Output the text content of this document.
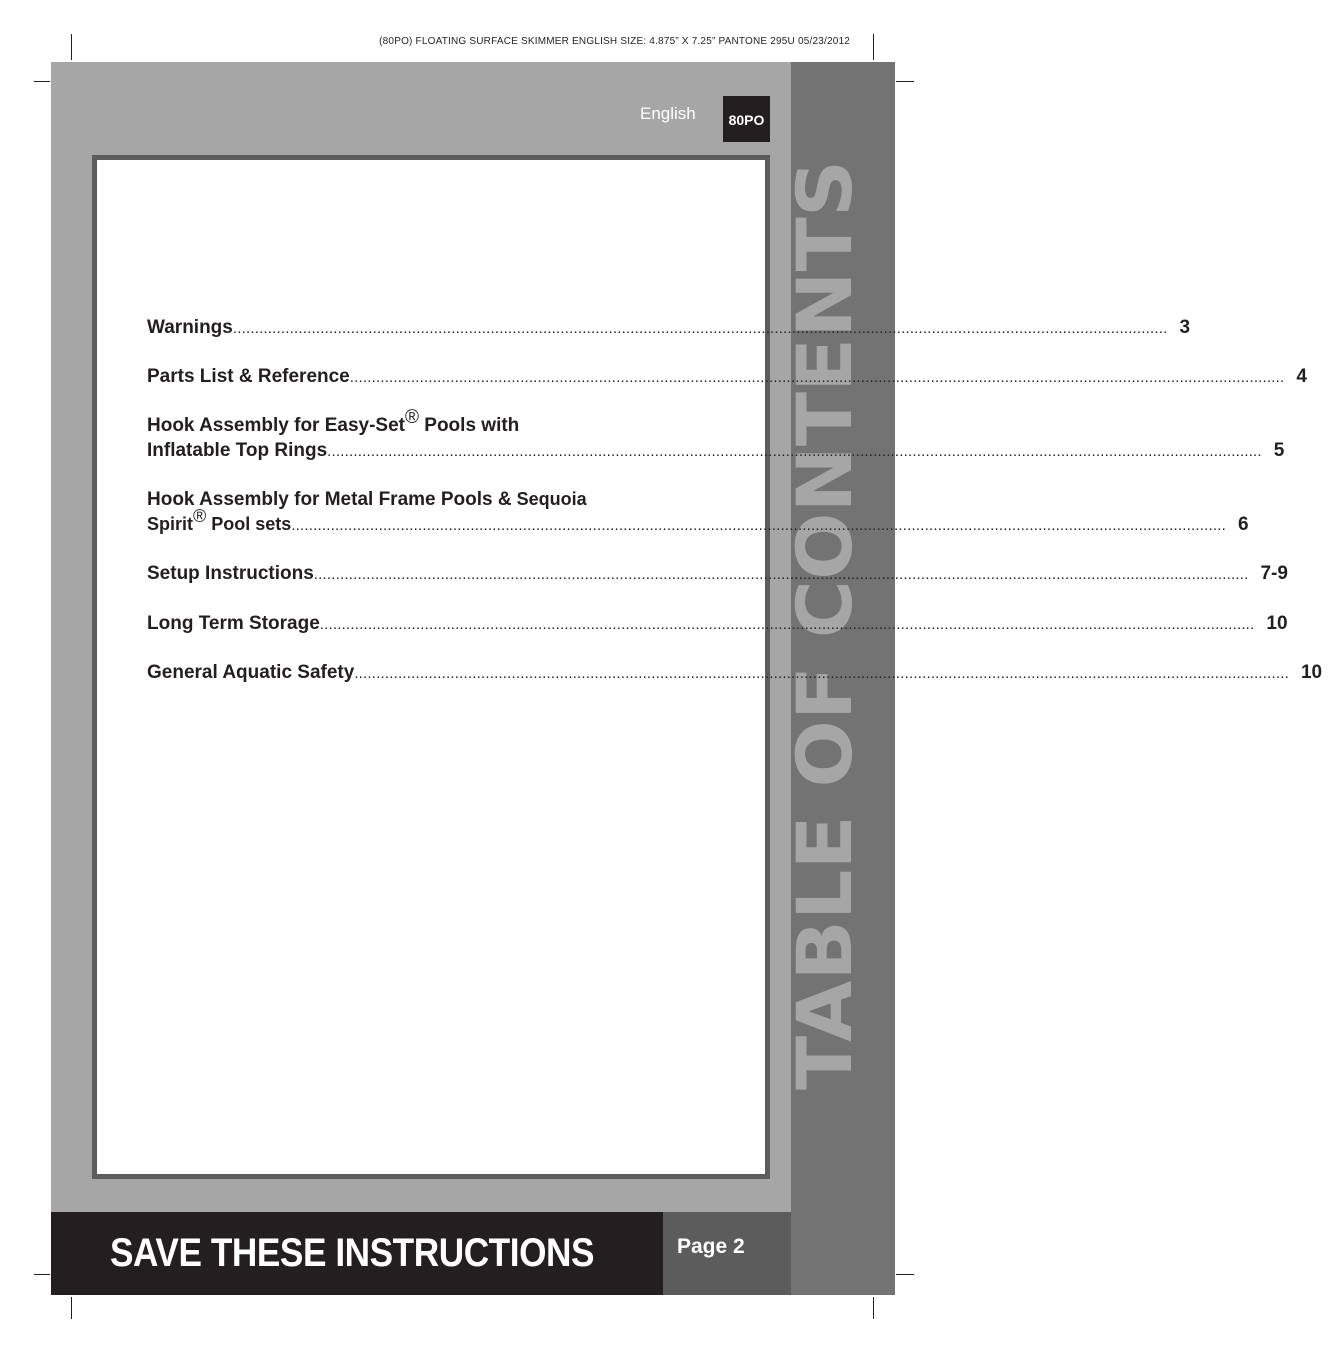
(80PO) FLOATING SURFACE SKIMMER ENGLISH SIZE: 4.875” X 7.25” PANTONE 295U 05/23/2012
TABLE OF CONTENTS
English	80PO
Warnings .....	3
Parts List & Reference .....	4
Hook Assembly for Easy-Set® Pools with
Inflatable Top Rings .....	5
Hook Assembly for Metal Frame Pools & Sequoia
Spirit® Pool sets .....	6
Setup Instructions .....	7-9
Long Term Storage .....	10
General Aquatic Safety .....	10
SAVE THESE INSTRUCTIONS	Page 2
